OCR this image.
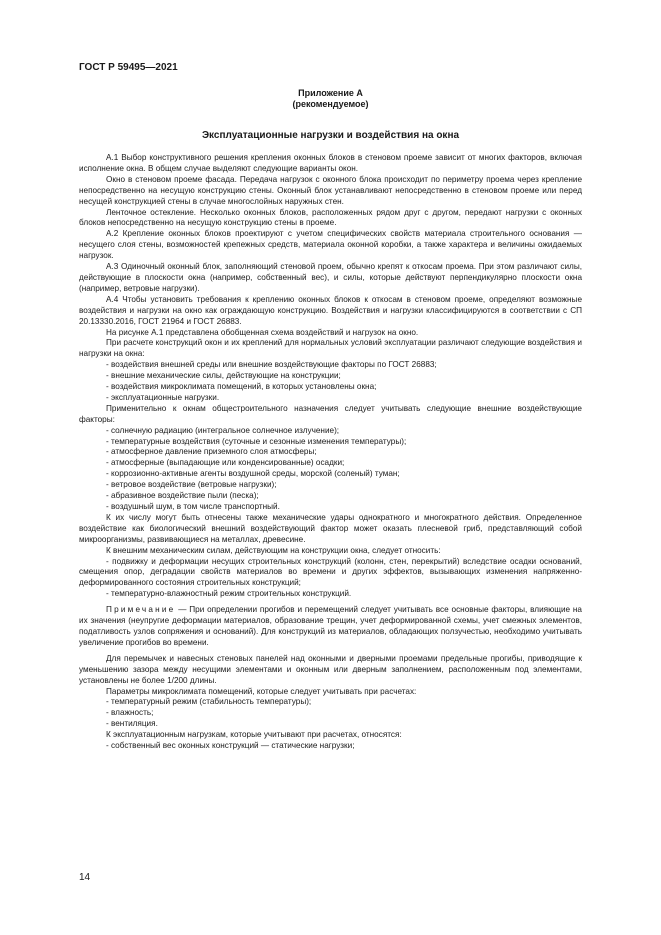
ГОСТ Р 59495—2021
Приложение А
(рекомендуемое)
Эксплуатационные нагрузки и воздействия на окна

А.1 Выбор конструктивного решения крепления оконных блоков в стеновом проеме зависит от многих факторов, включая исполнение окна. В общем случае выделяют следующие варианты окон.

Окно в стеновом проеме фасада. Передача нагрузок с оконного блока происходит по периметру проема через крепление непосредственно на несущую конструкцию стены. Оконный блок устанавливают непосредственно в стеновом проеме или перед несущей конструкцией стены в случае многослойных наружных стен.

Ленточное остекление. Несколько оконных блоков, расположенных рядом друг с другом, передают нагрузки с оконных блоков непосредственно на несущую конструкцию стены в проеме.

А.2 Крепление оконных блоков проектируют с учетом специфических свойств материала строительного основания — несущего слоя стены, возможностей крепежных средств, материала оконной коробки, а также характера и величины ожидаемых нагрузок.

А.3 Одиночный оконный блок, заполняющий стеновой проем, обычно крепят к откосам проема. При этом различают силы, действующие в плоскости окна (например, собственный вес), и силы, которые действуют перпендикулярно плоскости окна (например, ветровые нагрузки).

А.4 Чтобы установить требования к креплению оконных блоков к откосам в стеновом проеме, определяют возможные воздействия и нагрузки на окно как ограждающую конструкцию. Воздействия и нагрузки классифицируются в соответствии с СП 20.13330.2016, ГОСТ 21964 и ГОСТ 26883.

На рисунке А.1 представлена обобщенная схема воздействий и нагрузок на окно.

При расчете конструкций окон и их креплений для нормальных условий эксплуатации различают следующие воздействия и нагрузки на окна:

- воздействия внешней среды или внешние воздействующие факторы по ГОСТ 26883;

- внешние механические силы, действующие на конструкции;

- воздействия микроклимата помещений, в которых установлены окна;

- эксплуатационные нагрузки.

Применительно к окнам общестроительного назначения следует учитывать следующие внешние воздействующие факторы:

- солнечную радиацию (интегральное солнечное излучение);

- температурные воздействия (суточные и сезонные изменения температуры);

- атмосферное давление приземного слоя атмосферы;

- атмосферные (выпадающие или конденсированные) осадки;

- коррозионно-активные агенты воздушной среды, морской (соленый) туман;

- ветровое воздействие (ветровые нагрузки);

- абразивное воздействие пыли (песка);

- воздушный шум, в том числе транспортный.

К их числу могут быть отнесены также механические удары однократного и многократного действия. Определенное воздействие как биологический внешний воздействующий фактор может оказать плесневой гриб, представляющий собой микроорганизмы, развивающиеся на металлах, древесине.

К внешним механическим силам, действующим на конструкции окна, следует относить:

- подвижку и деформации несущих строительных конструкций (колонн, стен, перекрытий) вследствие осадки оснований, смещения опор, деградации свойств материалов во времени и других эффектов, вызывающих изменения напряженно-деформированного состояния строительных конструкций;

- температурно-влажностный режим строительных конструкций.

Примечание — При определении прогибов и перемещений следует учитывать все основные факторы, влияющие на их значения (неупругие деформации материалов, образование трещин, учет деформированной схемы, учет смежных элементов, податливость узлов сопряжения и оснований). Для конструкций из материалов, обладающих ползучестью, необходимо учитывать увеличение прогибов во времени.

Для перемычек и навесных стеновых панелей над оконными и дверными проемами предельные прогибы, приводящие к уменьшению зазора между несущими элементами и оконным или дверным заполнением, расположенным под элементами, установлены не более 1/200 длины.

Параметры микроклимата помещений, которые следует учитывать при расчетах:

- температурный режим (стабильность температуры);

- влажность;

- вентиляция.

К эксплуатационным нагрузкам, которые учитывают при расчетах, относятся:

- собственный вес оконных конструкций — статические нагрузки;

14
